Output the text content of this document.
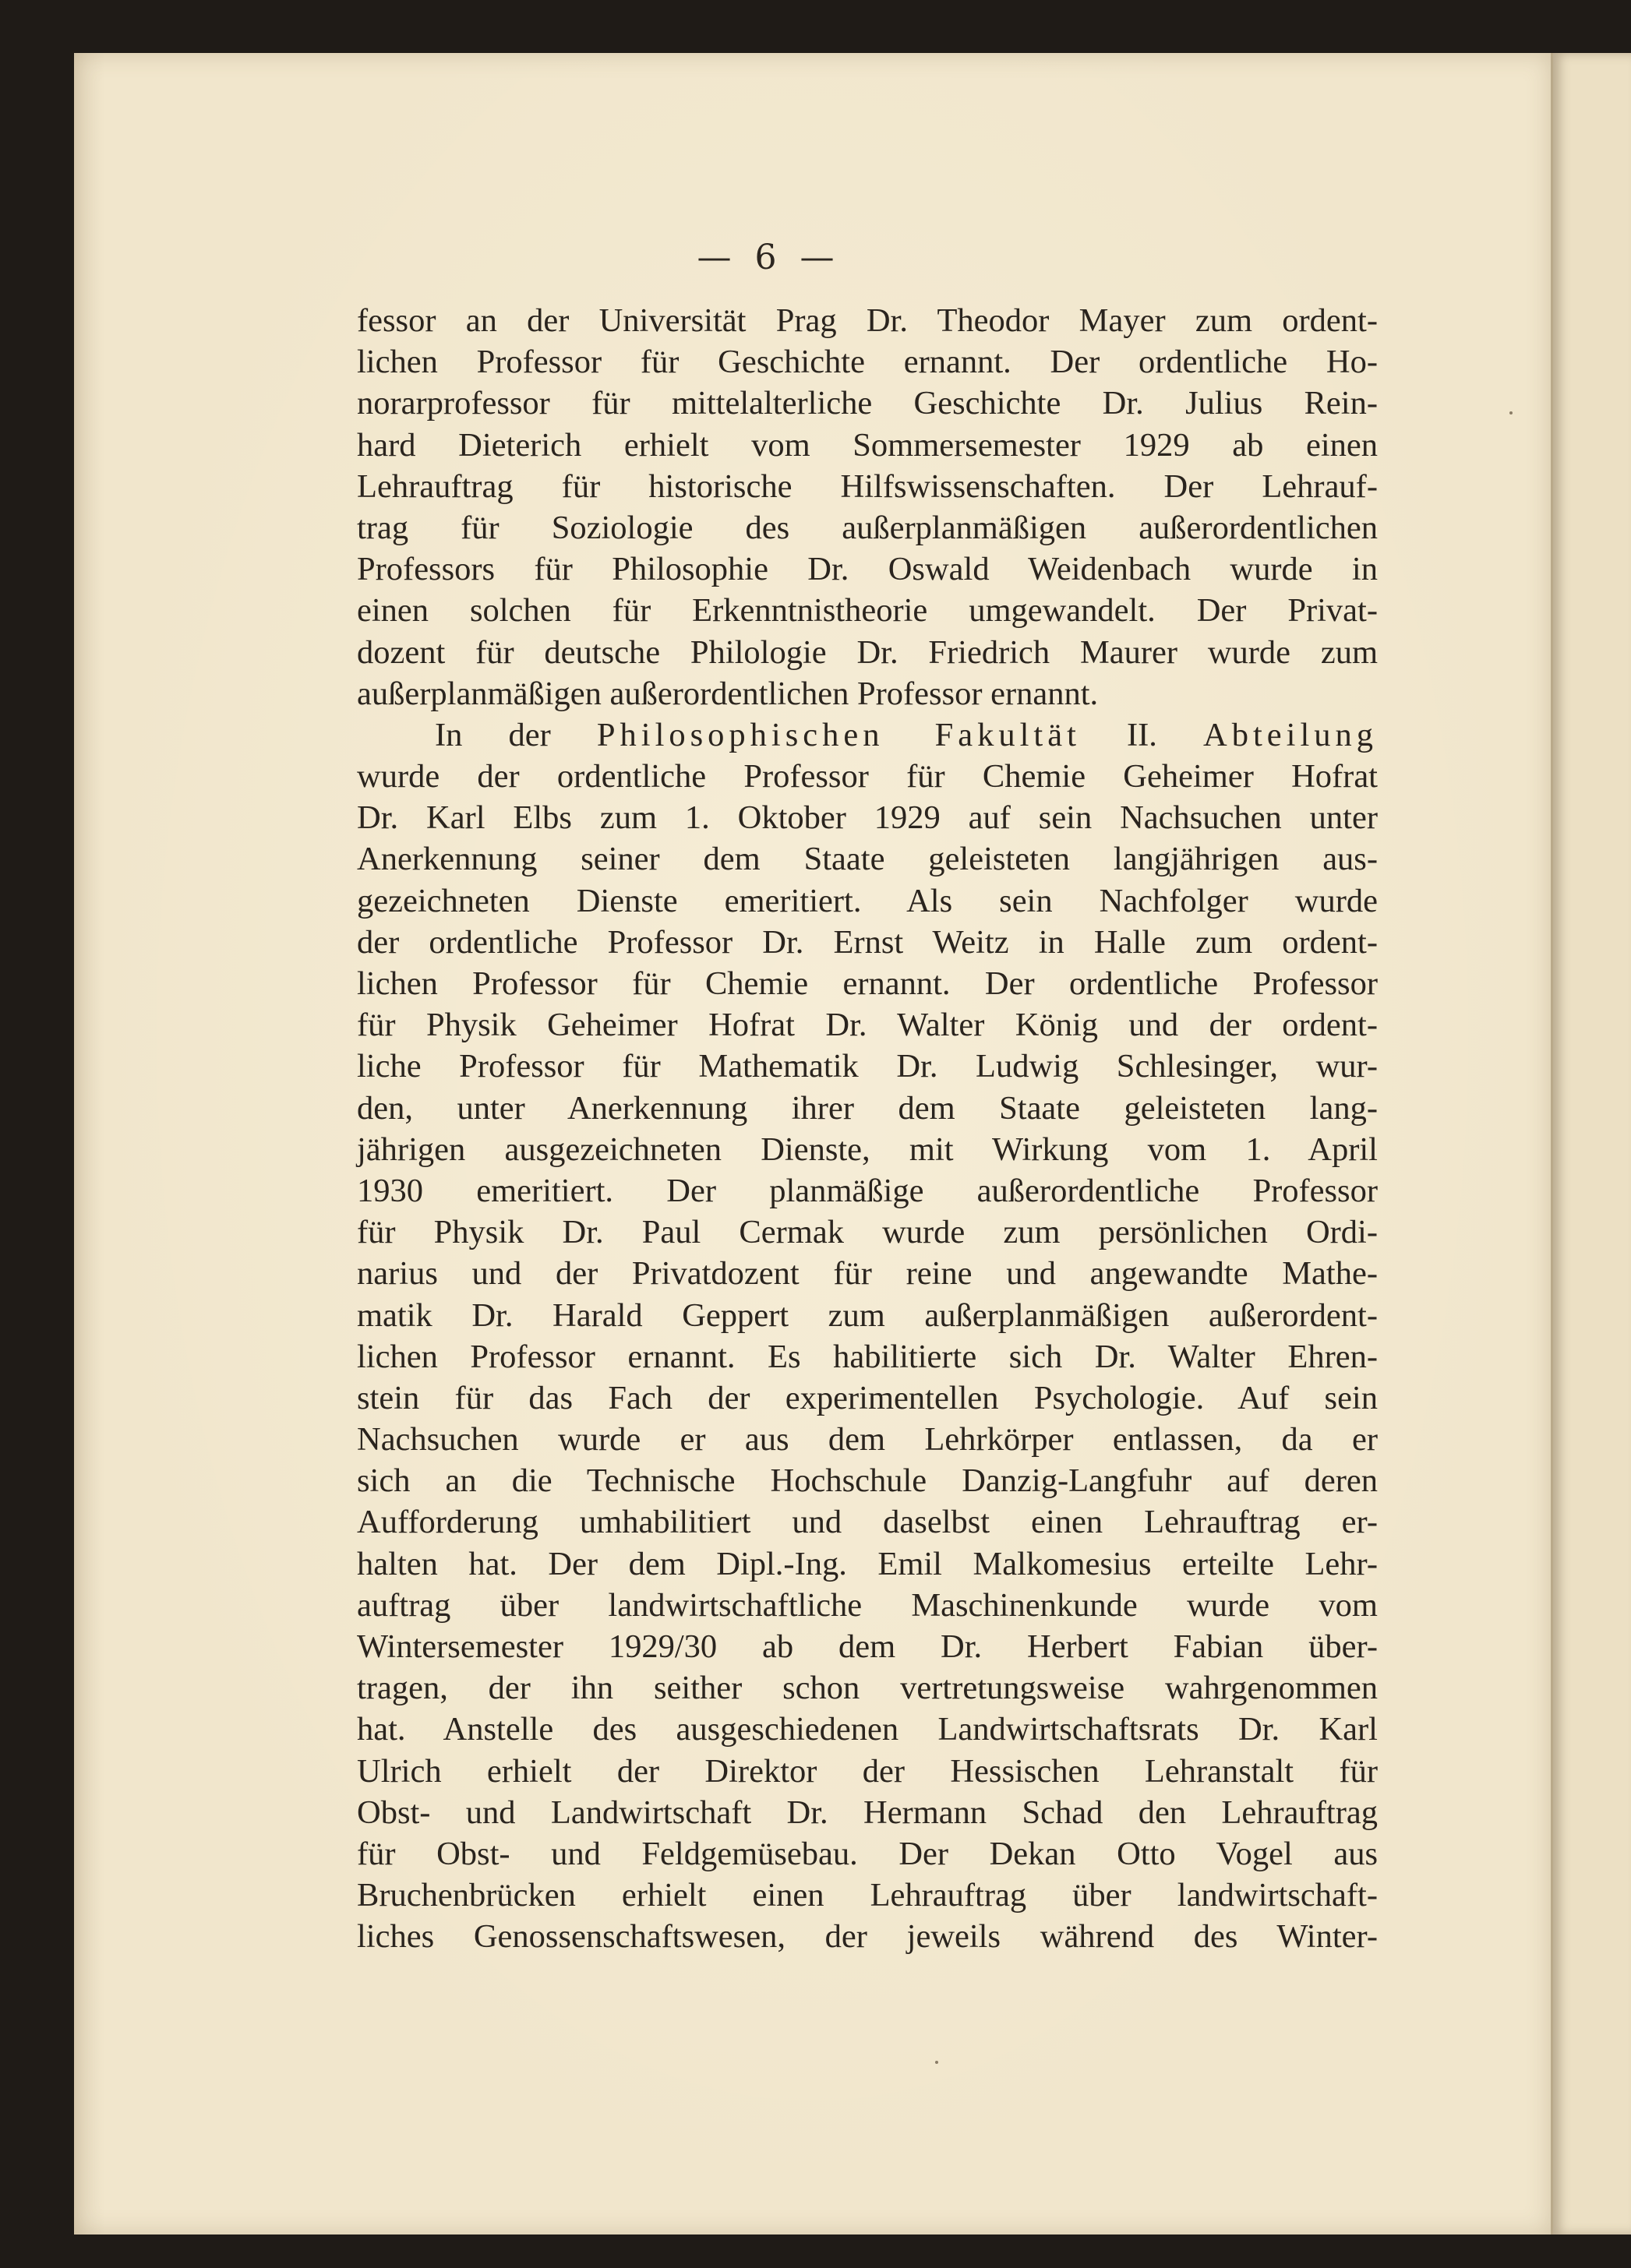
— 6 —
fessor an der Universität Prag Dr. Theodor Mayer zum ordent-
lichen Professor für Geschichte ernannt. Der ordentliche Ho-
norarprofessor für mittelalterliche Geschichte Dr. Julius Rein-
hard Dieterich erhielt vom Sommersemester 1929 ab einen
Lehrauftrag für historische Hilfswissenschaften. Der Lehrauf-
trag für Soziologie des außerplanmäßigen außerordentlichen
Professors für Philosophie Dr. Oswald Weidenbach wurde in
einen solchen für Erkenntnistheorie umgewandelt. Der Privat-
dozent für deutsche Philologie Dr. Friedrich Maurer wurde zum
außerplanmäßigen außerordentlichen Professor ernannt.
In der Philosophischen Fakultät II. Abteilung
wurde der ordentliche Professor für Chemie Geheimer Hofrat
Dr. Karl Elbs zum 1. Oktober 1929 auf sein Nachsuchen unter
Anerkennung seiner dem Staate geleisteten langjährigen aus-
gezeichneten Dienste emeritiert. Als sein Nachfolger wurde
der ordentliche Professor Dr. Ernst Weitz in Halle zum ordent-
lichen Professor für Chemie ernannt. Der ordentliche Professor
für Physik Geheimer Hofrat Dr. Walter König und der ordent-
liche Professor für Mathematik Dr. Ludwig Schlesinger, wur-
den, unter Anerkennung ihrer dem Staate geleisteten lang-
jährigen ausgezeichneten Dienste, mit Wirkung vom 1. April
1930 emeritiert. Der planmäßige außerordentliche Professor
für Physik Dr. Paul Cermak wurde zum persönlichen Ordi-
narius und der Privatdozent für reine und angewandte Mathe-
matik Dr. Harald Geppert zum außerplanmäßigen außerordent-
lichen Professor ernannt. Es habilitierte sich Dr. Walter Ehren-
stein für das Fach der experimentellen Psychologie. Auf sein
Nachsuchen wurde er aus dem Lehrkörper entlassen, da er
sich an die Technische Hochschule Danzig-Langfuhr auf deren
Aufforderung umhabilitiert und daselbst einen Lehrauftrag er-
halten hat. Der dem Dipl.-Ing. Emil Malkomesius erteilte Lehr-
auftrag über landwirtschaftliche Maschinenkunde wurde vom
Wintersemester 1929/30 ab dem Dr. Herbert Fabian über-
tragen, der ihn seither schon vertretungsweise wahrgenommen
hat. Anstelle des ausgeschiedenen Landwirtschaftsrats Dr. Karl
Ulrich erhielt der Direktor der Hessischen Lehranstalt für
Obst- und Landwirtschaft Dr. Hermann Schad den Lehrauftrag
für Obst- und Feldgemüsebau. Der Dekan Otto Vogel aus
Bruchenbrücken erhielt einen Lehrauftrag über landwirtschaft-
liches Genossenschaftswesen, der jeweils während des Winter-
